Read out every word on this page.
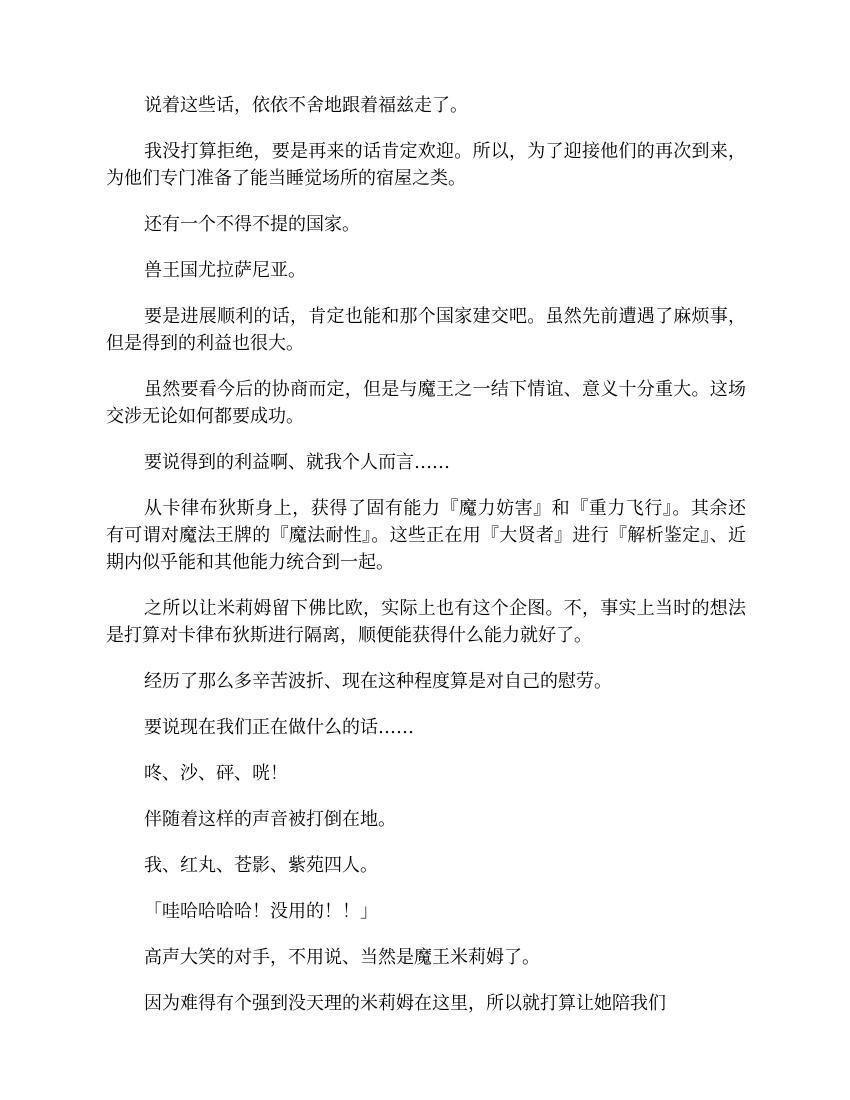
说着这些话，依依不舍地跟着福兹走了。

我没打算拒绝，要是再来的话肯定欢迎。所以，为了迎接他们的再次到来，为他们专门准备了能当睡觉场所的宿屋之类。

还有一个不得不提的国家。

兽王国尤拉萨尼亚。

要是进展顺利的话，肯定也能和那个国家建交吧。虽然先前遭遇了麻烦事，但是得到的利益也很大。

虽然要看今后的协商而定，但是与魔王之一结下情谊、意义十分重大。这场交涉无论如何都要成功。

要说得到的利益啊、就我个人而言……

从卡律布狄斯身上，获得了固有能力『魔力妨害』和『重力飞行』。其余还有可谓对魔法王牌的『魔法耐性』。这些正在用『大贤者』进行『解析鉴定』、近期内似乎能和其他能力统合到一起。

之所以让米莉姆留下佛比欧，实际上也有这个企图。不，事实上当时的想法是打算对卡律布狄斯进行隔离，顺便能获得什么能力就好了。

经历了那么多辛苦波折、现在这种程度算是对自己的慰劳。

要说现在我们正在做什么的话……

咚、沙、砰、咣！

伴随着这样的声音被打倒在地。

我、红丸、苍影、紫苑四人。

「哇哈哈哈哈！没用的！！」

高声大笑的对手，不用说、当然是魔王米莉姆了。

因为难得有个强到没天理的米莉姆在这里，所以就打算让她陪我们
